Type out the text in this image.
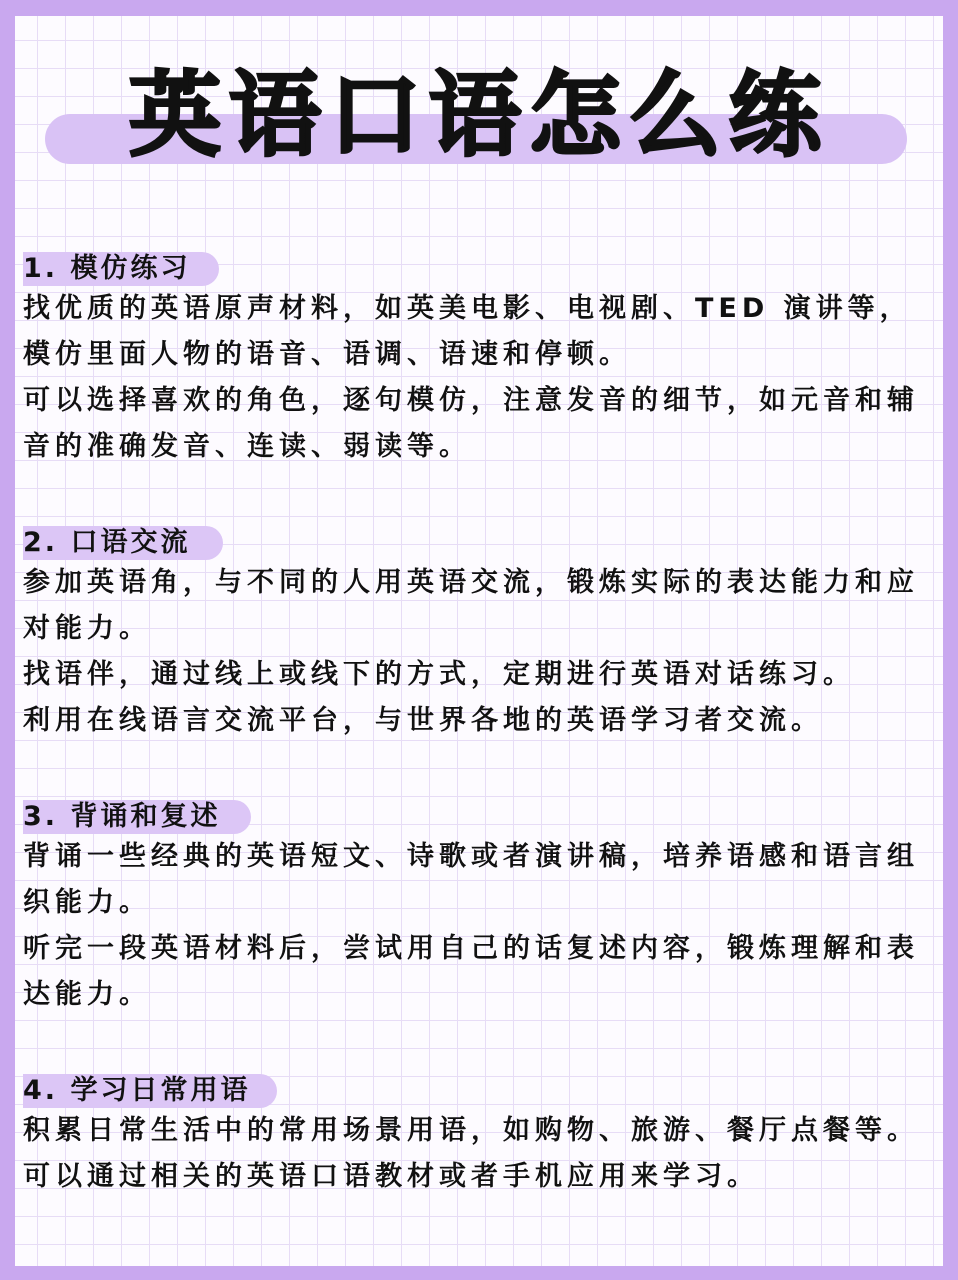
英语口语怎么练
1. 模仿练习

找优质的英语原声材料，如英美电影、电视剧、TED 演讲等，模仿里面人物的语音、语调、语速和停顿。

可以选择喜欢的角色，逐句模仿，注意发音的细节，如元音和辅音的准确发音、连读、弱读等。

2. 口语交流

参加英语角，与不同的人用英语交流，锻炼实际的表达能力和应对能力。

找语伴，通过线上或线下的方式，定期进行英语对话练习。

利用在线语言交流平台，与世界各地的英语学习者交流。

3. 背诵和复述

背诵一些经典的英语短文、诗歌或者演讲稿，培养语感和语言组织能力。

听完一段英语材料后，尝试用自己的话复述内容，锻炼理解和表达能力。

4. 学习日常用语

积累日常生活中的常用场景用语，如购物、旅游、餐厅点餐等。

可以通过相关的英语口语教材或者手机应用来学习。
